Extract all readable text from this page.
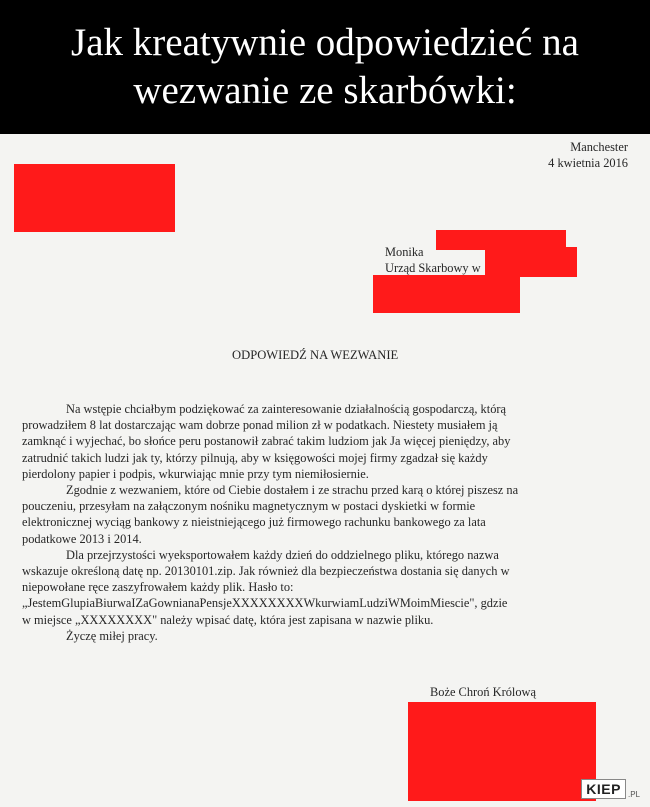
Jak kreatywnie odpowiedzieć na
wezwanie ze skarbówki:
Manchester
4 kwietnia 2016
Monika
Urząd Skarbowy w
ODPOWIEDŹ NA WEZWANIE
Na wstępie chciałbym podziękować za zainteresowanie działalnością gospodarczą, którą
prowadziłem 8 lat dostarczając wam dobrze ponad milion zł w podatkach. Niestety musiałem ją
zamknąć i wyjechać, bo słońce peru postanowił zabrać takim ludziom jak Ja więcej pieniędzy, aby
zatrudnić takich ludzi jak ty, którzy pilnują, aby w księgowości mojej firmy zgadzał się każdy
pierdolony papier i podpis, wkurwiając mnie przy tym niemiłosiernie.
Zgodnie z wezwaniem, które od Ciebie dostałem i ze strachu przed karą o której piszesz na
pouczeniu, przesyłam na załączonym nośniku magnetycznym w postaci dyskietki w formie
elektronicznej wyciąg bankowy z nieistniejącego już firmowego rachunku bankowego za lata
podatkowe 2013 i 2014.
Dla przejrzystości wyeksportowałem każdy dzień do oddzielnego pliku, którego nazwa
wskazuje określoną datę np. 20130101.zip. Jak również dla bezpieczeństwa dostania się danych w
niepowołane ręce zaszyfrowałem każdy plik. Hasło to:
„JestemGlupiaBiurwaIZaGownianaPensjeXXXXXXXXWkurwiamLudziWMoimMiescie", gdzie
w miejsce „XXXXXXXX" należy wpisać datę, która jest zapisana w nazwie pliku.
Życzę miłej pracy.
Boże Chroń Królową
KIEP .PL
